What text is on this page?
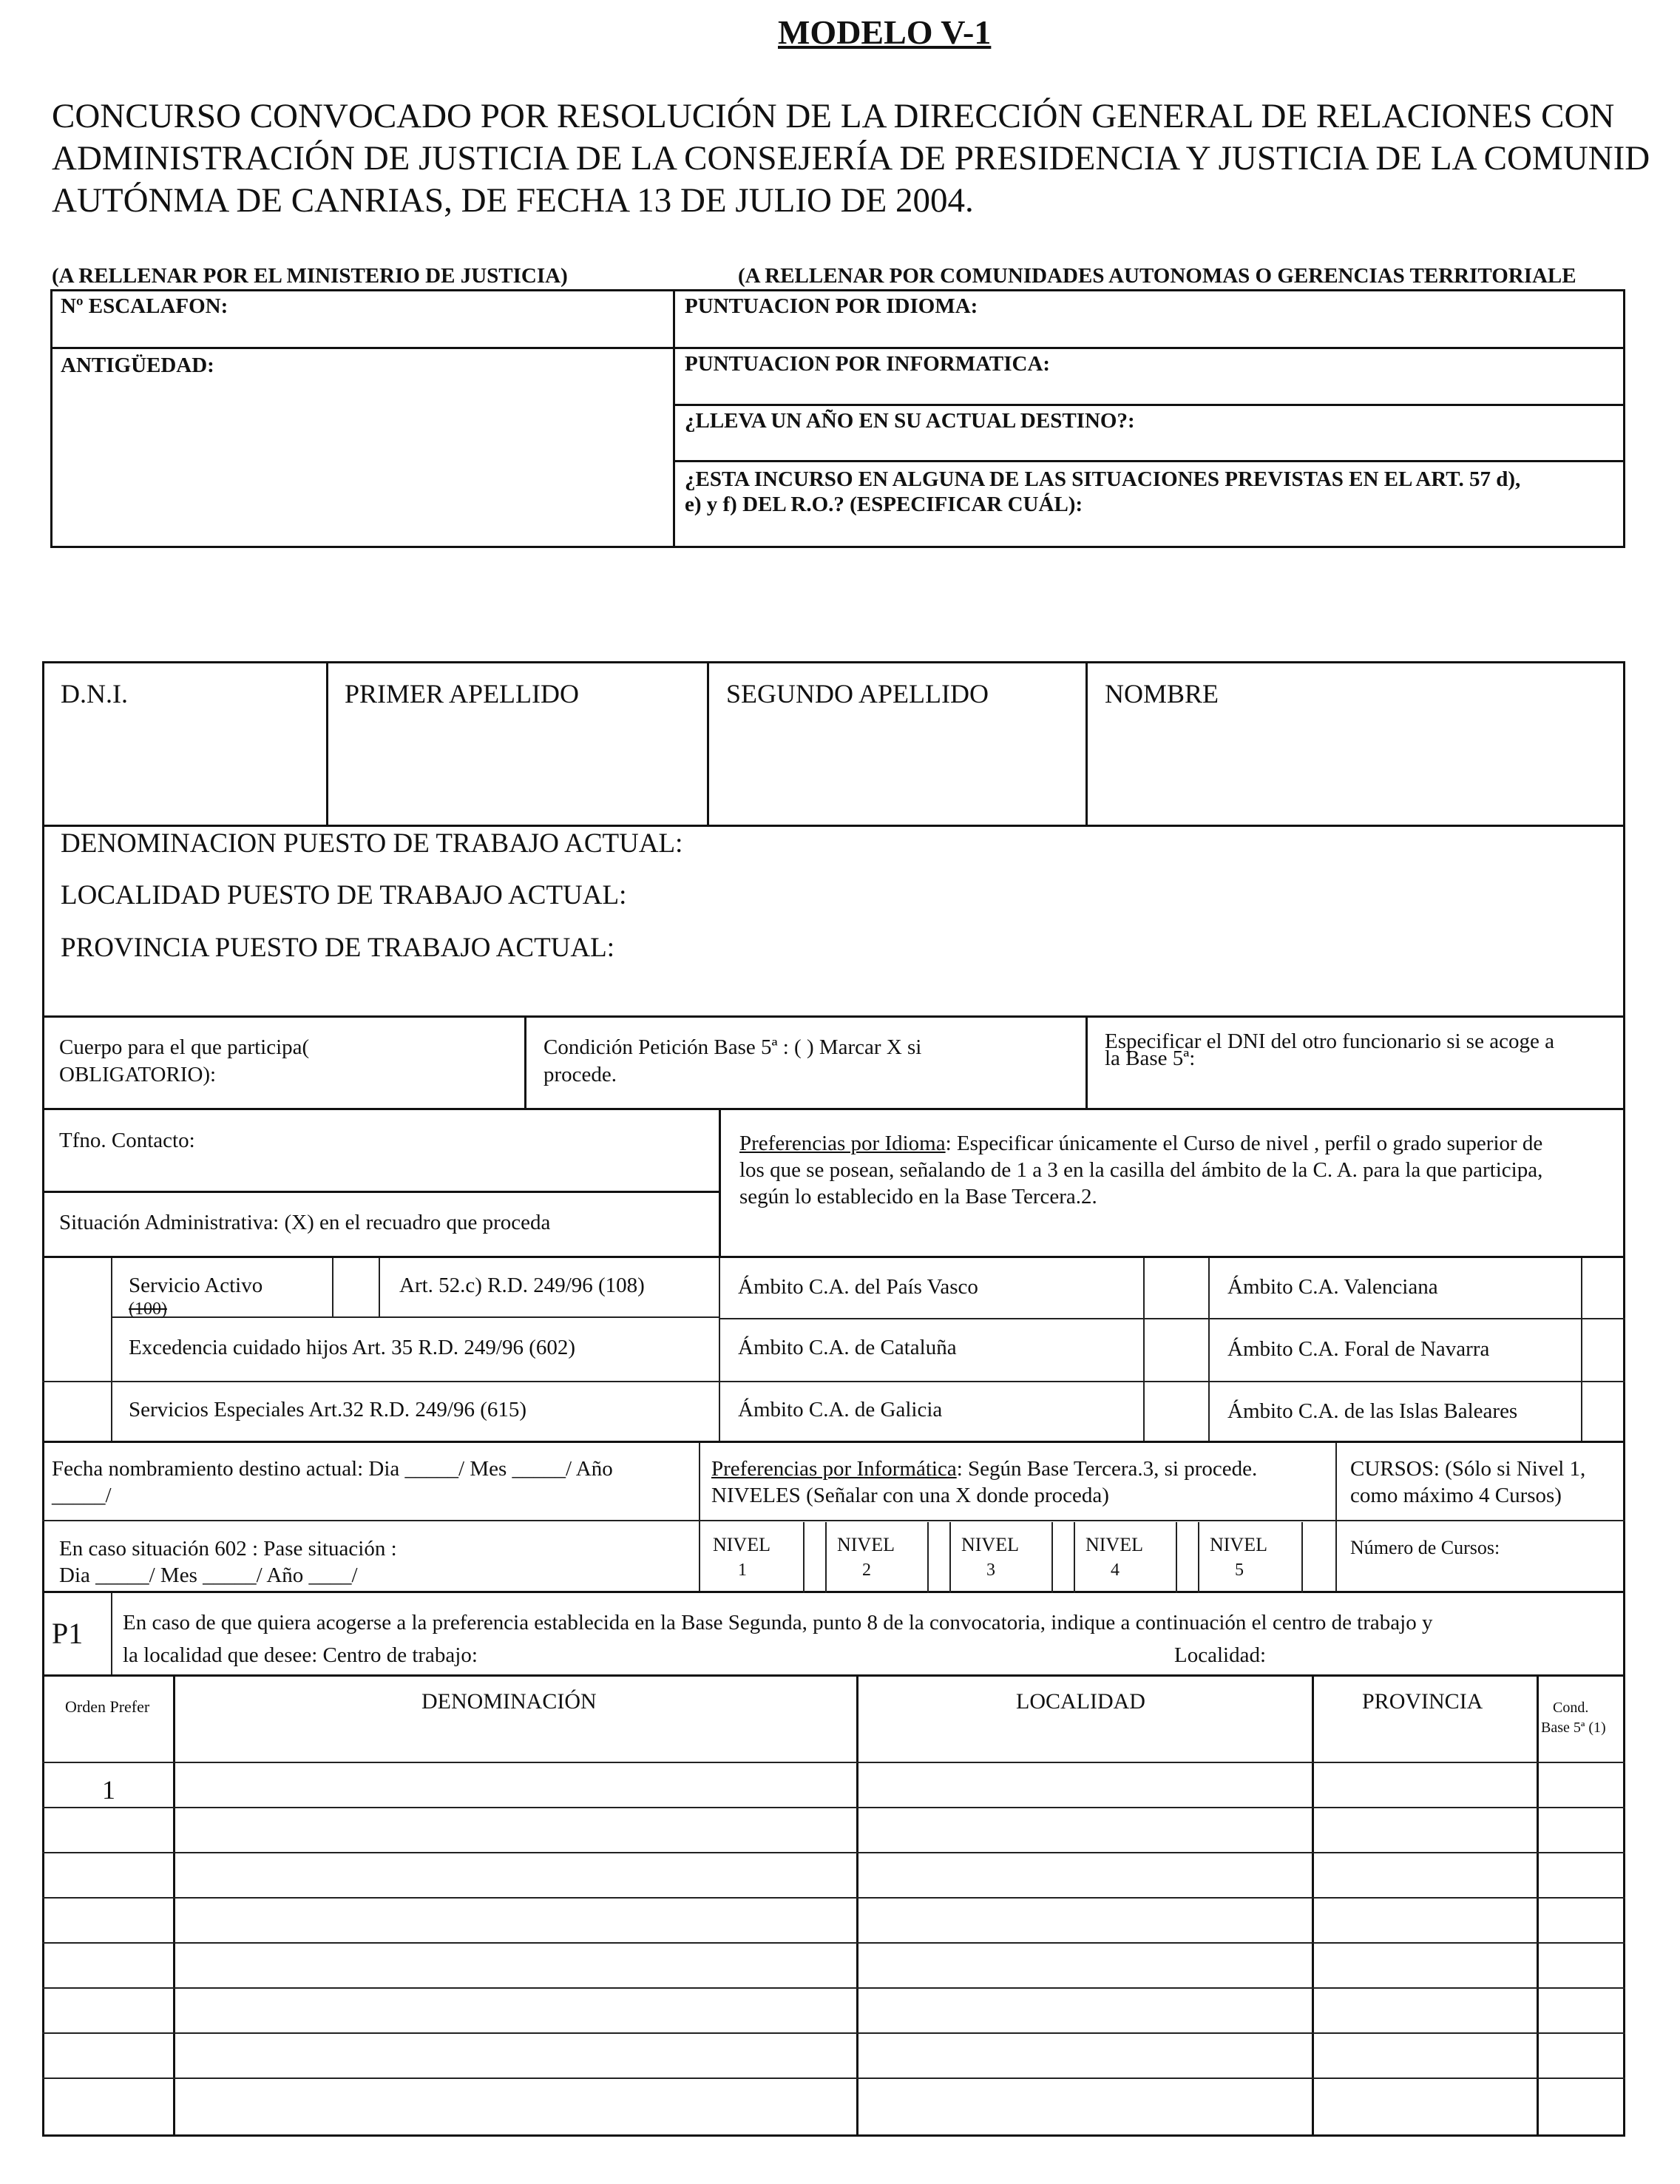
MODELO V-1
CONCURSO CONVOCADO POR RESOLUCIÓN DE LA DIRECCIÓN GENERAL DE RELACIONES CON
ADMINISTRACIÓN DE JUSTICIA DE LA CONSEJERÍA DE PRESIDENCIA Y JUSTICIA DE LA COMUNID
AUTÓNMA DE CANRIAS, DE FECHA 13 DE JULIO DE 2004.
(A RELLENAR POR EL MINISTERIO DE JUSTICIA)	(A RELLENAR POR COMUNIDADES AUTONOMAS O GERENCIAS TERRITORIALE
Nº ESCALAFON:
ANTIGÜEDAD:
PUNTUACION POR IDIOMA:
PUNTUACION POR INFORMATICA:
¿LLEVA UN AÑO EN SU ACTUAL DESTINO?:
¿ESTA INCURSO EN ALGUNA DE LAS SITUACIONES PREVISTAS EN EL ART. 57 d),
e) y f) DEL R.O.? (ESPECIFICAR CUÁL):
D.N.I.	PRIMER APELLIDO	SEGUNDO APELLIDO	NOMBRE
DENOMINACION PUESTO DE TRABAJO ACTUAL:
LOCALIDAD PUESTO DE TRABAJO ACTUAL:
PROVINCIA PUESTO DE TRABAJO ACTUAL:
Cuerpo para el que participa(
OBLIGATORIO):
Condición Petición Base 5ª : ( ) Marcar X si
procede.
Especificar el DNI del otro funcionario si se acoge a
la Base 5ª:
Tfno. Contacto:
Situación Administrativa: (X) en el recuadro que proceda
Preferencias por Idioma: Especificar únicamente el Curso de nivel , perfil o grado superior de
los que se posean, señalando de 1 a 3 en la casilla del ámbito de la C. A. para la que participa,
según lo establecido en la Base Tercera.2.
Servicio Activo
(100)
Art. 52.c) R.D. 249/96 (108)
Excedencia cuidado hijos Art. 35 R.D. 249/96 (602)
Servicios Especiales Art.32 R.D. 249/96 (615)
Ámbito C.A. del País Vasco	Ámbito C.A. Valenciana
Ámbito C.A. de Cataluña	Ámbito C.A. Foral de Navarra
Ámbito C.A. de Galicia	Ámbito C.A. de las Islas Baleares
Fecha nombramiento destino actual: Dia _____/ Mes _____/ Año
_____/
Preferencias por Informática: Según Base Tercera.3, si procede.
NIVELES (Señalar con una X donde proceda)
CURSOS: (Sólo si Nivel 1,
como máximo 4 Cursos)
En caso situación 602 : Pase situación :
Dia _____/ Mes _____/ Año ____/
NIVEL
1
NIVEL
2
NIVEL
3
NIVEL
4
NIVEL
5
Número de Cursos:
P1 En caso de que quiera acogerse a la preferencia establecida en la Base Segunda, punto 8 de la convocatoria, indique a continuación el centro de trabajo y
la localidad que desee: Centro de trabajo:	Localidad:
Orden Prefer	DENOMINACIÓN	LOCALIDAD	PROVINCIA	Cond.
Base 5ª (1)
1
